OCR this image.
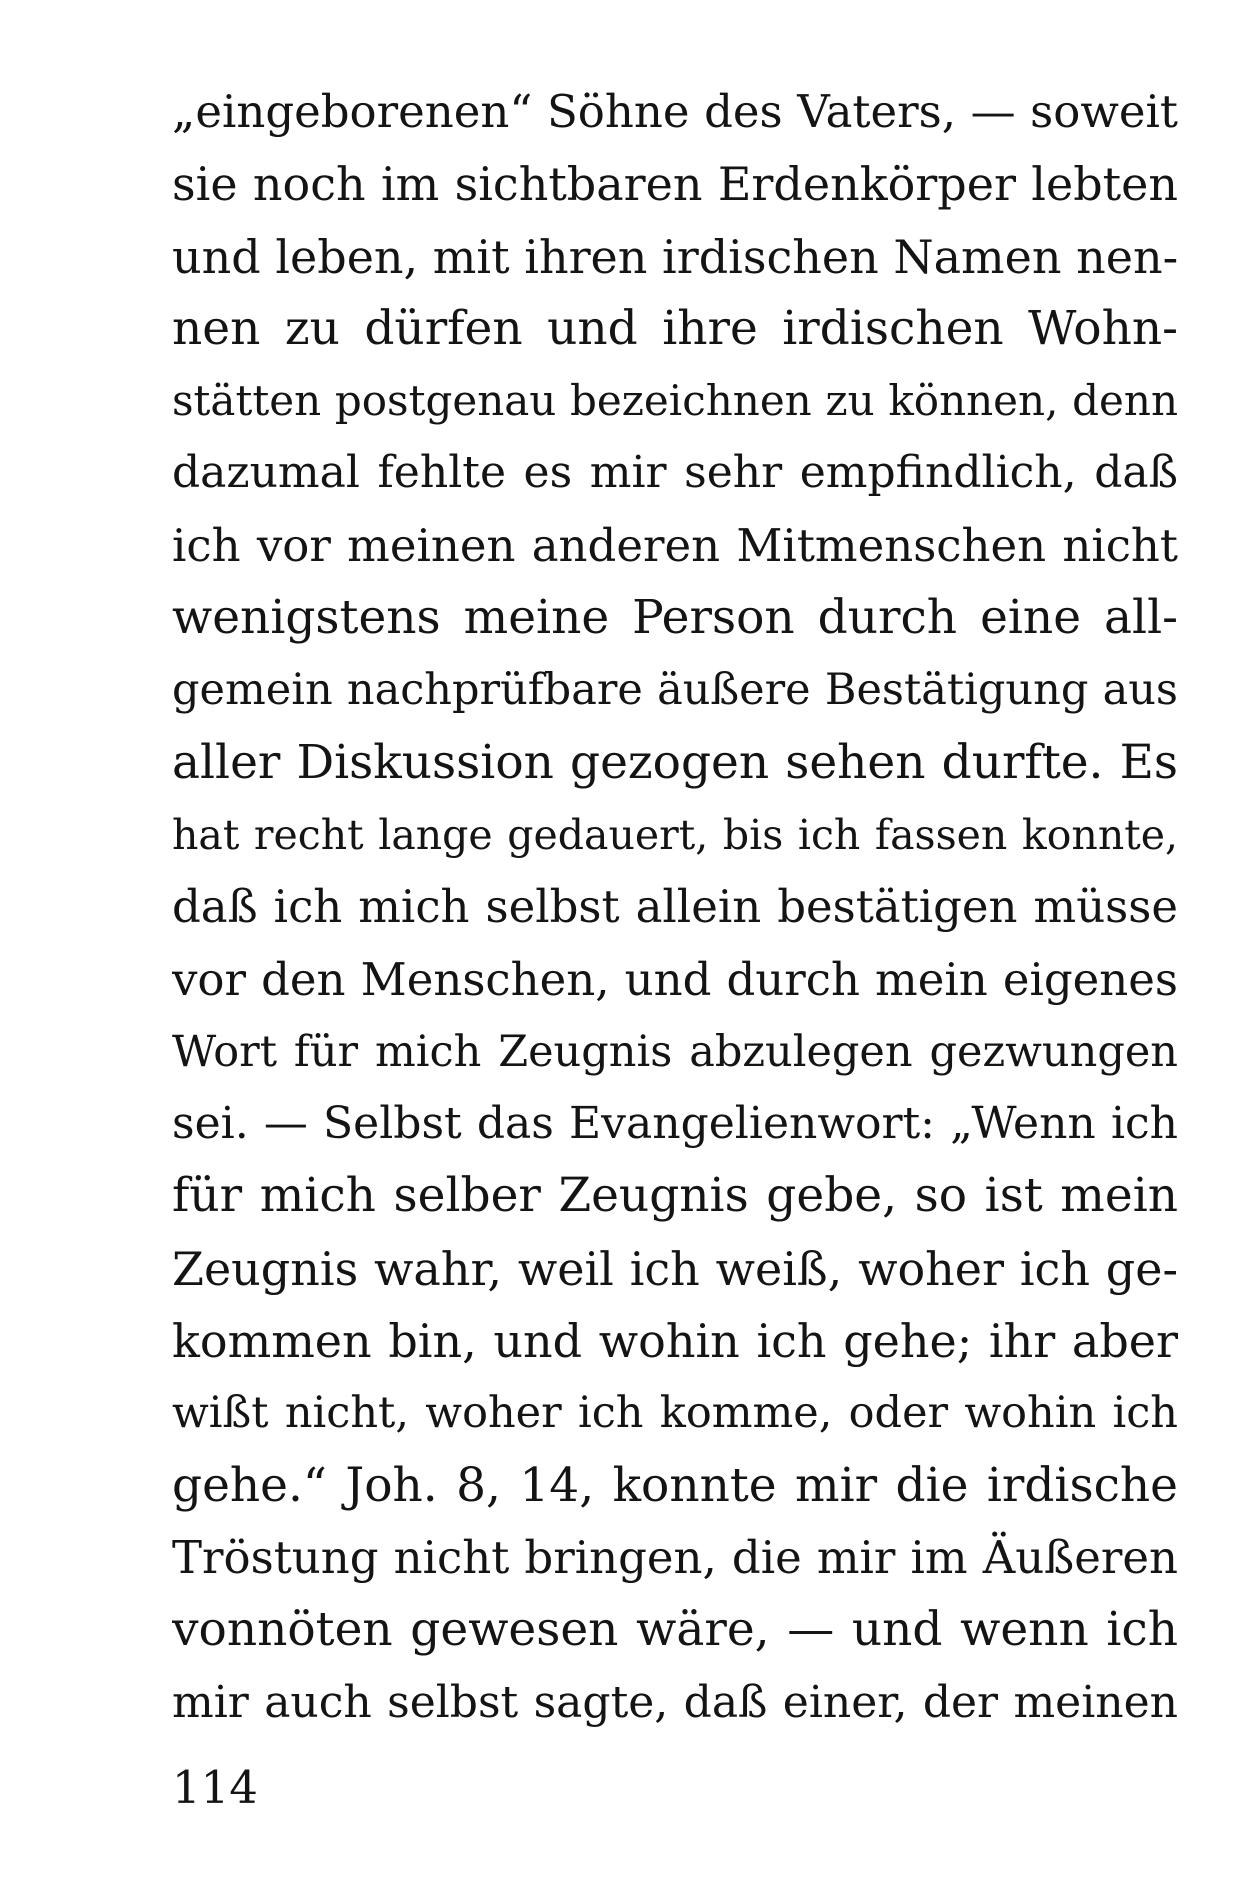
„eingeborenen“ Söhne des Vaters, — soweit
sie noch im sichtbaren Erdenkörper lebten
und leben, mit ihren irdischen Namen nen-
nen zu dürfen und ihre irdischen Wohn-
stätten postgenau bezeichnen zu können, denn
dazumal fehlte es mir sehr empfindlich, daß
ich vor meinen anderen Mitmenschen nicht
wenigstens meine Person durch eine all-
gemein nachprüfbare äußere Bestätigung aus
aller Diskussion gezogen sehen durfte. Es
hat recht lange gedauert, bis ich fassen konnte,
daß ich mich selbst allein bestätigen müsse
vor den Menschen, und durch mein eigenes
Wort für mich Zeugnis abzulegen gezwungen
sei. — Selbst das Evangelienwort: „Wenn ich
für mich selber Zeugnis gebe, so ist mein
Zeugnis wahr, weil ich weiß, woher ich ge-
kommen bin, und wohin ich gehe; ihr aber
wißt nicht, woher ich komme, oder wohin ich
gehe.“ Joh. 8, 14, konnte mir die irdische
Tröstung nicht bringen, die mir im Äußeren
vonnöten gewesen wäre, — und wenn ich
mir auch selbst sagte, daß einer, der meinen
114
